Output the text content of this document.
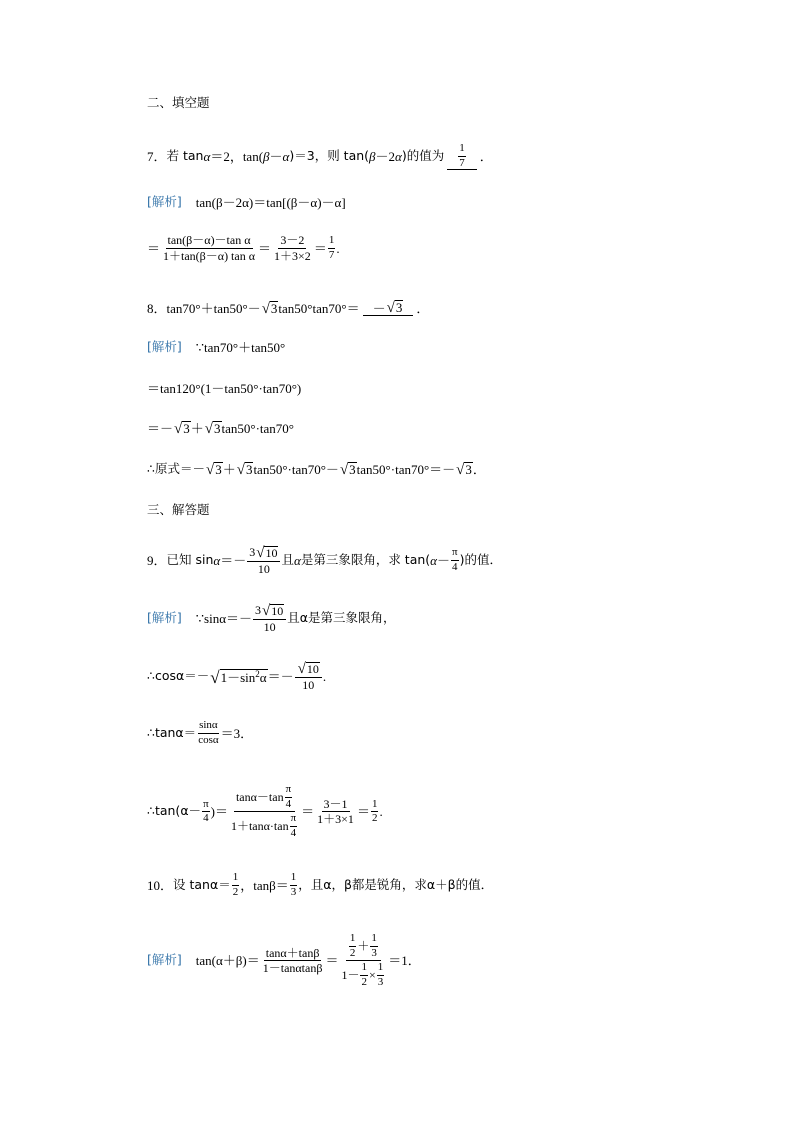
二、填空题
7． 若 tan α ＝2，tan( β － α )＝3，则 tan( β －2 α )的值为 $\frac{1}{7}$ ．
[解析] tan(β－2α)＝tan[(β－α)－α]
＝ $\frac{\text{tan(β－α)－tan α}}{\text{1＋tan(β－α) tan α}} = \frac{3-2}{1+3\times 2} = \frac{1}{7}$ .
8． tan70°＋tan50°－ √ 3 tan50°tan70°＝ － √ 3 ．
[解析] ∵tan70°＋tan50°
＝tan120°(1－tan50°·tan70°)
＝－ √ 3 ＋ √ 3 tan50°·tan70°
∴原式＝－ √ 3 ＋ √ 3 tan50°·tan70°－ √ 3 tan50°·tan70°＝－ √ 3 ．
三、解答题
9． 已知 $\sin \alpha =- \frac{3 √ 10}{10}$ 且 α 是第三象限角，求 tan( $\alpha - \frac{\pi}{4}$ )的值．
[解析] ∵sinα＝－ $\frac{3 √ 10}{10}$ 且α是第三象限角，
∴cosα＝－ √ $1-\sin^2\alpha =- \frac{√ 10}{10}$ .
∴tanα＝ $\frac{\sin\alpha}{\cos\alpha} =3$．
∴tan(α－ $\frac{\pi}{4}$ )＝ $\frac{\tan\alpha-\tan \frac{\pi}{4}}{1+\tan\alpha\cdot\tan \frac{\pi}{4}} = \frac{3-1}{1+3\times 1} = \frac{1}{2}$ .
10． 设 $\tan\alpha= \frac{1}{2}$ ，$\tan\beta= \frac{1}{3}$ ，且α，β都是锐角，求α＋β的值．
[解析] $\tan(\alpha+\beta)= \frac{\tan\alpha+\tan\beta}{1-\tan\alpha\tan\beta} = \frac{\frac{1}{2} + \frac{1}{3}}{1- \frac{1}{2} \times \frac{1}{3}} =1$．
